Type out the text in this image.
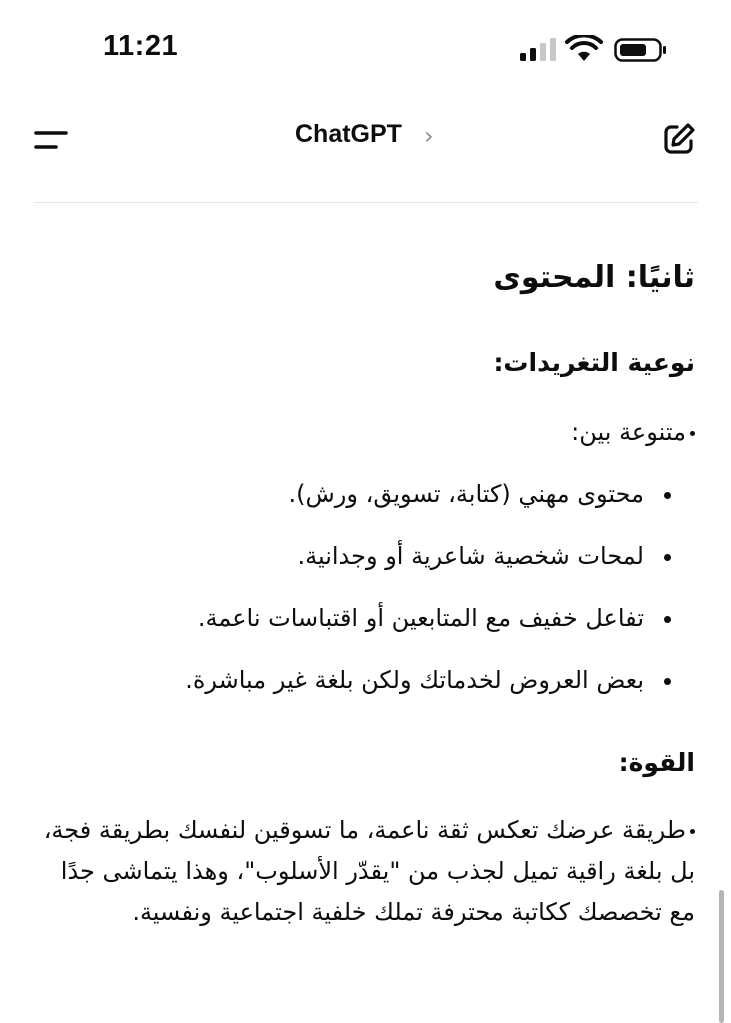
11:21
ChatGPT ›
ثانيًا: المحتوى
نوعية التغريدات:
متنوعة بين:
محتوى مهني (كتابة، تسويق، ورش).
لمحات شخصية شاعرية أو وجدانية.
تفاعل خفيف مع المتابعين أو اقتباسات ناعمة.
بعض العروض لخدماتك ولكن بلغة غير مباشرة.
القوة:
طريقة عرضك تعكس ثقة ناعمة، ما تسوقين لنفسك بطريقة فجة، بل بلغة راقية تميل لجذب من "يقدّر الأسلوب"، وهذا يتماشى جدًا مع تخصصك ككاتبة محترفة تملك خلفية اجتماعية ونفسية.
